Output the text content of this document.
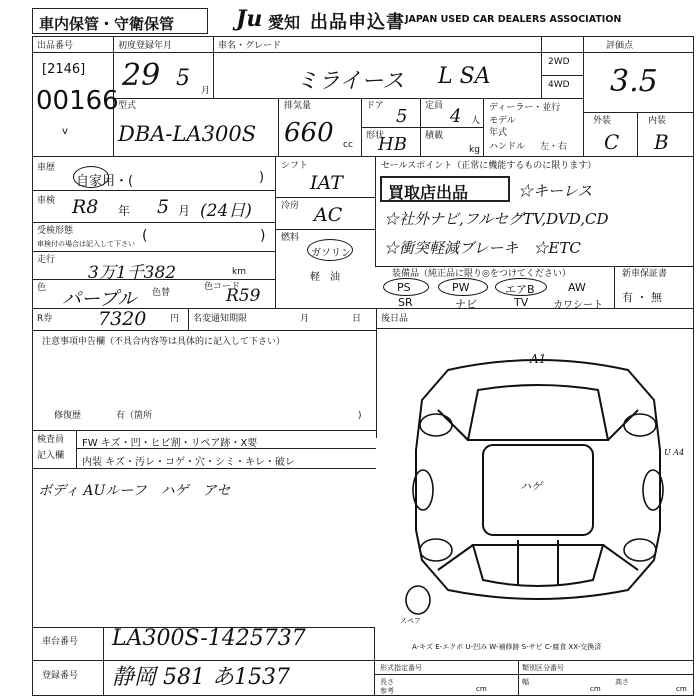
車内保管・守衛保管	Ju 愛知 出品申込書 JAPAN USED CAR DEALERS ASSOCIATION
出品番号
[2146]
00166
v
初度登録年月
29 5 月
車名・グレード
ミライース L SA
2WD
4WD
評価点
3.5
外装	内装
C B
型式
DBA-LA300S
排気量
660 cc
ドア 5 定員 4 人
形状
HB 積載
kg
ディーラー・並行
モデル
年式
ハンドル 左・右
車歴
自家用・(	)
車検 R8 年 5 月 (24日)
受検形態
車検付の場合は記入して下さい (	)
走行
3万1千382	km
色 パープル 色替
色コード
R59
シフト
IAT
冷房 AC
燃料
ガソリン
軽　油
セールスポイント（正常に機能するものに限ります）
買取店出品	☆キーレス
☆社外ナビ,フルセグTV,DVD,CD
☆衝突軽減ブレーキ　☆ETC
装備品（純正品に限り◎をつけてください）	新車保証書
有 ・ 無
PS	PW	エアB	AW
SR	ナビ	TV カワシート
R券 7320	円 名変通知期限	月	日
注意事項申告欄（不具合内容等は具体的に記入して下さい）
修復歴	有（箇所	)
後日品
検査員
記入欄
FW キズ・凹・ヒビ割・リペア跡・X要
内装 キズ・汚レ・コゲ・穴・シミ・キレ・破レ
ボディ AUルーフ　ハゲ　アセ
A1
ハゲ
U A4
スペア
A-キズ E-エクボ U-凹み W-補修跡 S-サビ C-腐食 XX-交換済
車台番号 LA300S-1425737
登録番号 静岡 581 あ1537	形式指定番号	類別区分番号
長さ
cm
幅
cm
高さ
cm
参考
